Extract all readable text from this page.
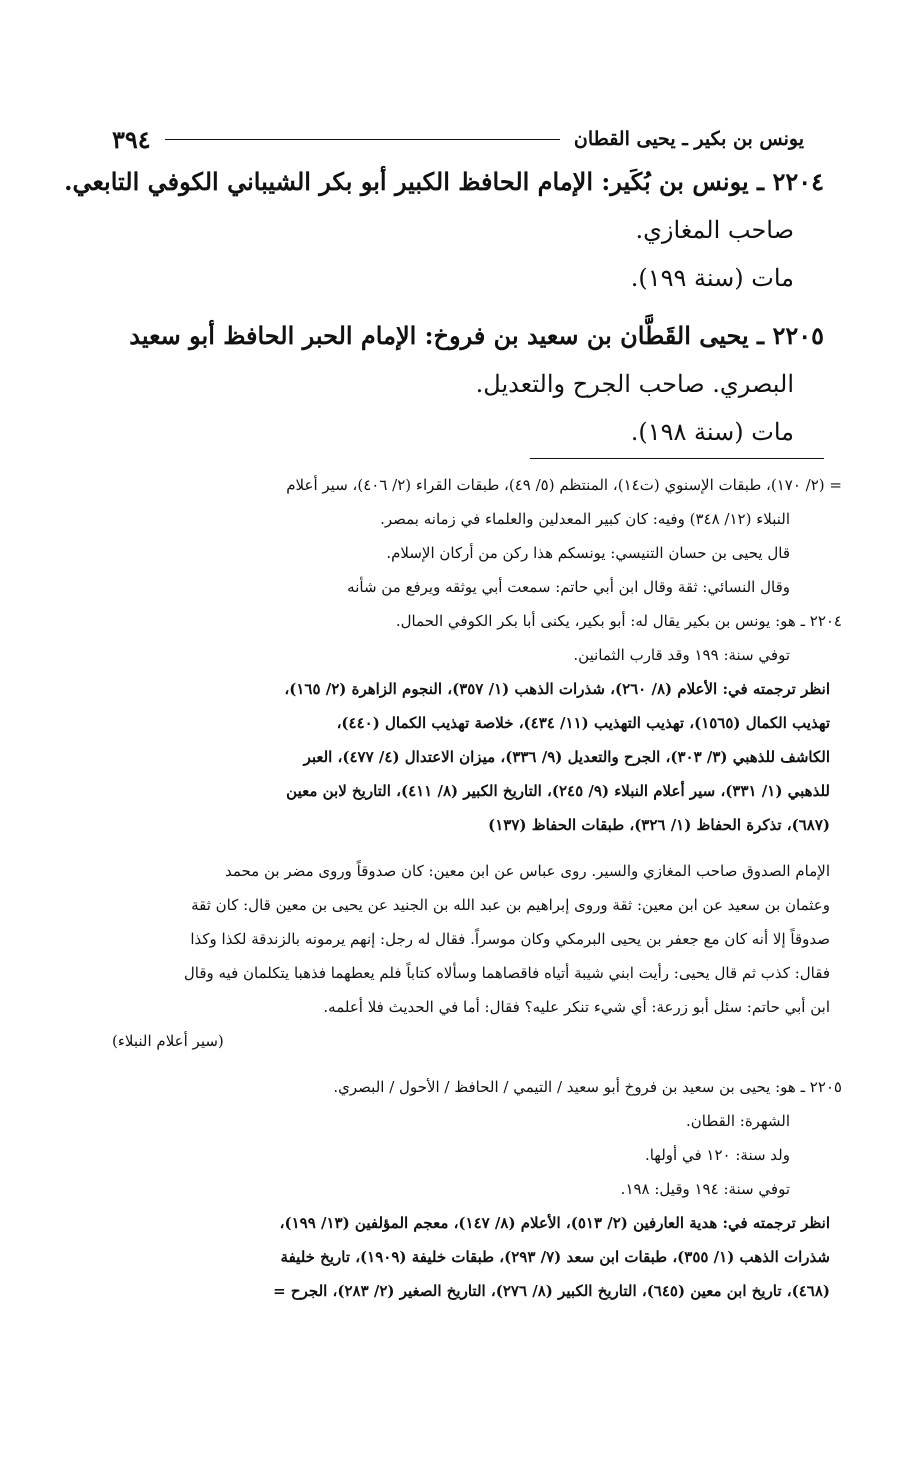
يونس بن بكير ـ يحيى القطان
٣٩٤
٢٢٠٤ ـ يونس بن بُكَير: الإمام الحافظ الكبير أبو بكر الشيباني الكوفي التابعي.
صاحب المغازي.
مات (سنة ١٩٩).
٢٢٠٥ ـ يحيى القَطَّان بن سعيد بن فروخ: الإمام الحبر الحافظ أبو سعيد
البصري. صاحب الجرح والتعديل.
مات (سنة ١٩٨).
= (٢/ ١٧٠)، طبقات الإسنوي (ت١٤)، المنتظم (٥/ ٤٩)، طبقات القراء (٢/ ٤٠٦)، سير أعلام
النبلاء (١٢/ ٣٤٨) وفيه: كان كبير المعدلين والعلماء في زمانه بمصر.
قال يحيى بن حسان التنيسي: يونسكم هذا ركن من أركان الإسلام.
وقال النسائي: ثقة وقال ابن أبي حاتم: سمعت أبي يوثقه ويرفع من شأنه
٢٢٠٤ ـ هو: يونس بن بكير يقال له: أبو بكير، يكنى أبا بكر الكوفي الحمال.
توفي سنة: ١٩٩ وقد قارب الثمانين.
انظر ترجمته في: الأعلام (٨/ ٢٦٠)، شذرات الذهب (١/ ٣٥٧)، النجوم الزاهرة (٢/ ١٦٥)،
تهذيب الكمال (١٥٦٥)، تهذيب التهذيب (١١/ ٤٣٤)، خلاصة تهذيب الكمال (٤٤٠)،
الكاشف للذهبي (٣/ ٣٠٣)، الجرح والتعديل (٩/ ٣٣٦)، ميزان الاعتدال (٤/ ٤٧٧)، العبر
للذهبي (١/ ٣٣١)، سير أعلام النبلاء (٩/ ٢٤٥)، التاريخ الكبير (٨/ ٤١١)، التاريخ لابن معين
(٦٨٧)، تذكرة الحفاظ (١/ ٣٢٦)، طبقات الحفاظ (١٣٧)
الإمام الصدوق صاحب المغازي والسير. روى عباس عن ابن معين: كان صدوقاً وروى مضر بن محمد
وعثمان بن سعيد عن ابن معين: ثقة وروى إبراهيم بن عبد الله بن الجنيد عن يحيى بن معين قال: كان ثقة
صدوقاً إلا أنه كان مع جعفر بن يحيى البرمكي وكان موسراً. فقال له رجل: إنهم يرمونه بالزندقة لكذا وكذا
فقال: كذب ثم قال يحيى: رأيت ابني شيبة أتياه فاقصاهما وسألاه كتاباً فلم يعطهما فذهبا يتكلمان فيه وقال
ابن أبي حاتم: سئل أبو زرعة: أي شيء تنكر عليه؟ فقال: أما في الحديث فلا أعلمه.
(سير أعلام النبلاء)
٢٢٠٥ ـ هو: يحيى بن سعيد بن فروخ أبو سعيد / التيمي / الحافظ / الأحول / البصري.
الشهرة: القطان.
ولد سنة: ١٢٠ في أولها.
توفي سنة: ١٩٤ وقيل: ١٩٨.
انظر ترجمته في: هدية العارفين (٢/ ٥١٣)، الأعلام (٨/ ١٤٧)، معجم المؤلفين (١٣/ ١٩٩)،
شذرات الذهب (١/ ٣٥٥)، طبقات ابن سعد (٧/ ٢٩٣)، طبقات خليفة (١٩٠٩)، تاريخ خليفة
(٤٦٨)، تاريخ ابن معين (٦٤٥)، التاريخ الكبير (٨/ ٢٧٦)، التاريخ الصغير (٢/ ٢٨٣)، الجرح =
